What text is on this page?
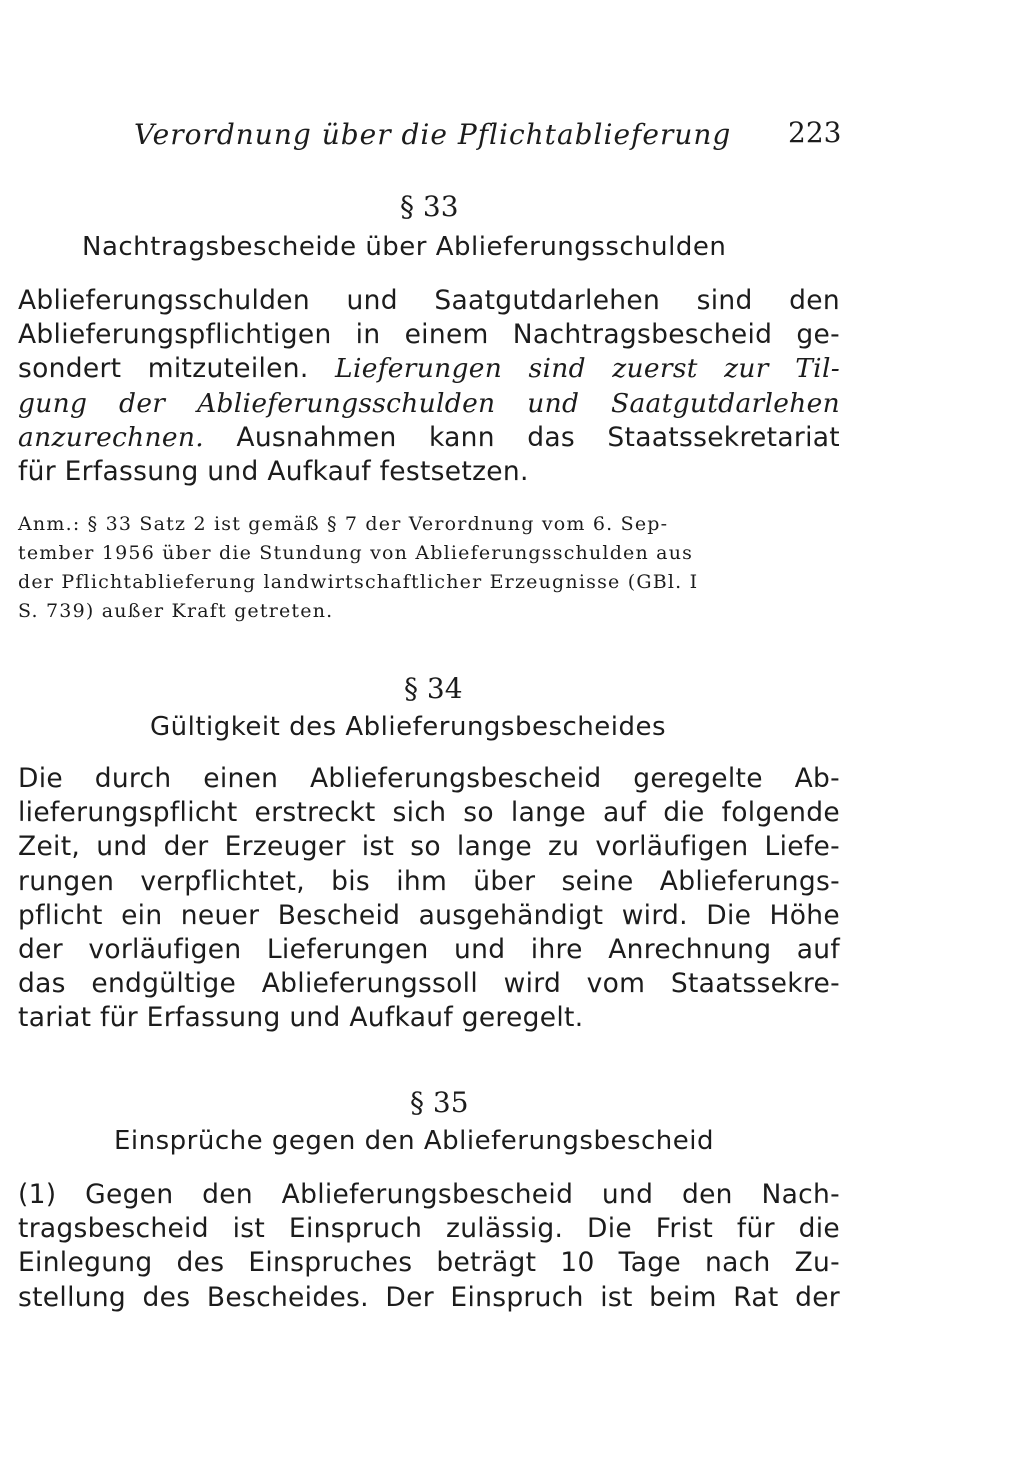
Verordnung über die Pflichtablieferung 223
§ 33
Nachtragsbescheide über Ablieferungsschulden
Ablieferungsschulden und Saatgutdarlehen sind den
Ablieferungspflichtigen in einem Nachtragsbescheid ge-
sondert mitzuteilen. Lieferungen sind zuerst zur Til-
gung der Ablieferungsschulden und Saatgutdarlehen
anzurechnen. Ausnahmen kann das Staatssekretariat
für Erfassung und Aufkauf festsetzen.
Anm.: § 33 Satz 2 ist gemäß § 7 der Verordnung vom 6. Sep-
tember 1956 über die Stundung von Ablieferungsschulden aus
der Pflichtablieferung landwirtschaftlicher Erzeugnisse (GBl. I
S. 739) außer Kraft getreten.
§ 34
Gültigkeit des Ablieferungsbescheides
Die durch einen Ablieferungsbescheid geregelte Ab-
lieferungspflicht erstreckt sich so lange auf die folgende
Zeit, und der Erzeuger ist so lange zu vorläufigen Liefe-
rungen verpflichtet, bis ihm über seine Ablieferungs-
pflicht ein neuer Bescheid ausgehändigt wird. Die Höhe
der vorläufigen Lieferungen und ihre Anrechnung auf
das endgültige Ablieferungssoll wird vom Staatssekre-
tariat für Erfassung und Aufkauf geregelt.
§ 35
Einsprüche gegen den Ablieferungsbescheid
(1) Gegen den Ablieferungsbescheid und den Nach-
tragsbescheid ist Einspruch zulässig. Die Frist für die
Einlegung des Einspruches beträgt 10 Tage nach Zu-
stellung des Bescheides. Der Einspruch ist beim Rat der
